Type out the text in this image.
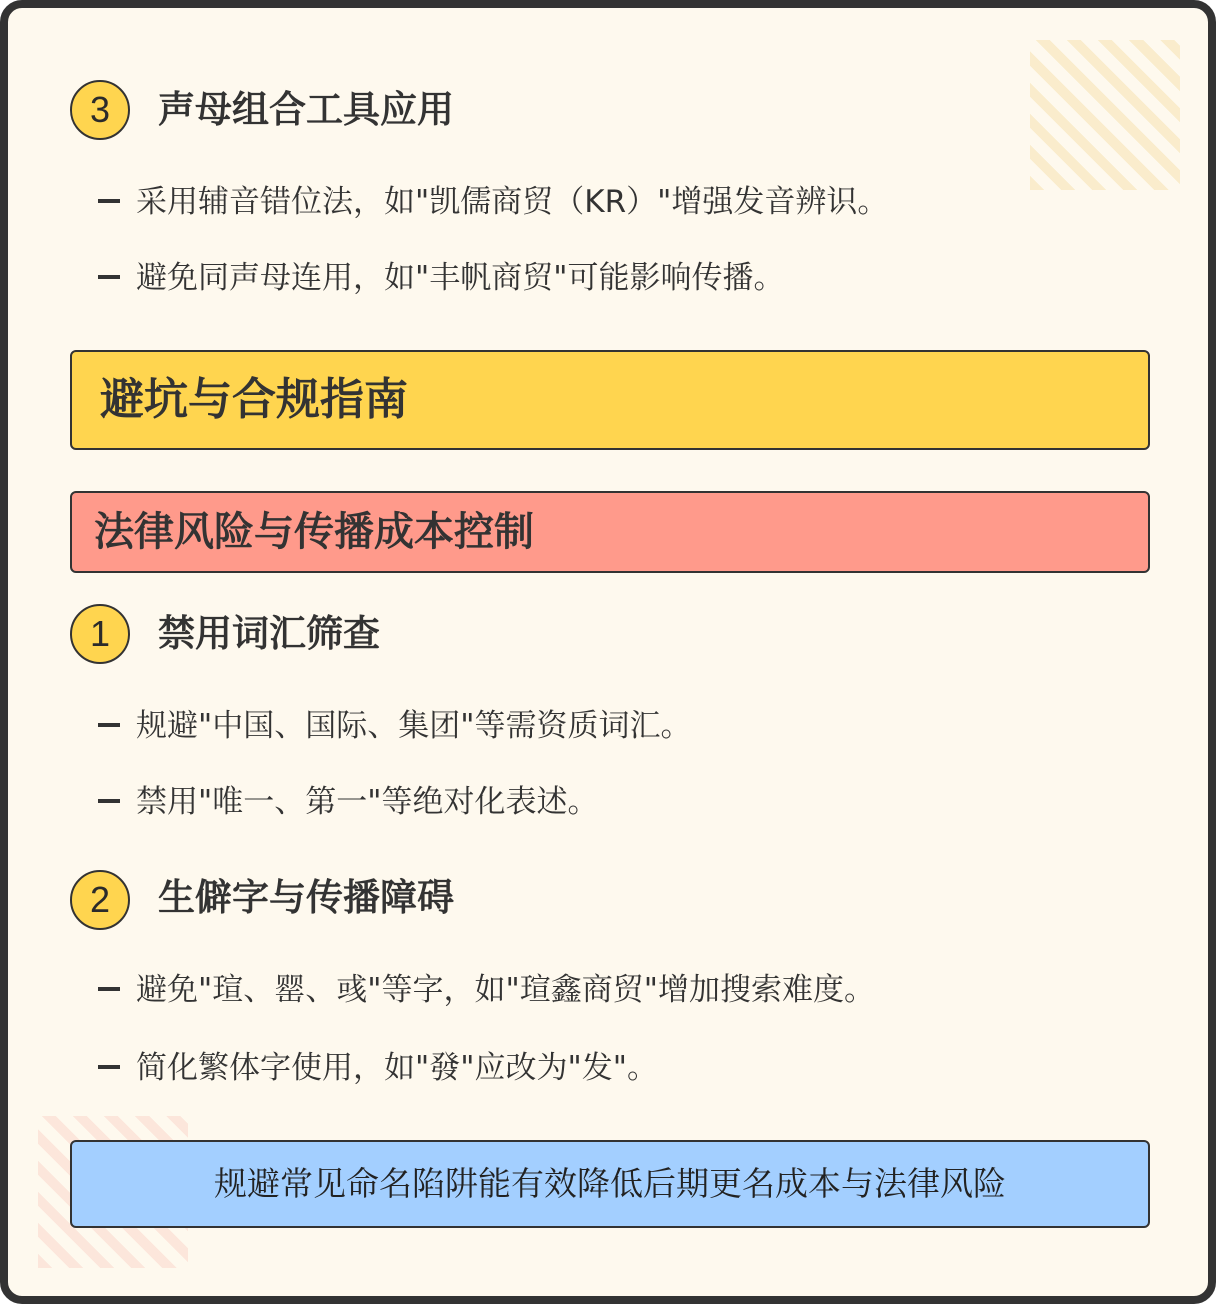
3	声母组合工具应用
采用辅音错位法，如"凯儒商贸（KR）"增强发音辨识。
避免同声母连用，如"丰帆商贸"可能影响传播。
避坑与合规指南
法律风险与传播成本控制
1	禁用词汇筛查
规避"中国、国际、集团"等需资质词汇。
禁用"唯一、第一"等绝对化表述。
2	生僻字与传播障碍
避免"瑄、罂、彧"等字，如"瑄鑫商贸"增加搜索难度。
简化繁体字使用，如"發"应改为"发"。
规避常见命名陷阱能有效降低后期更名成本与法律风险
